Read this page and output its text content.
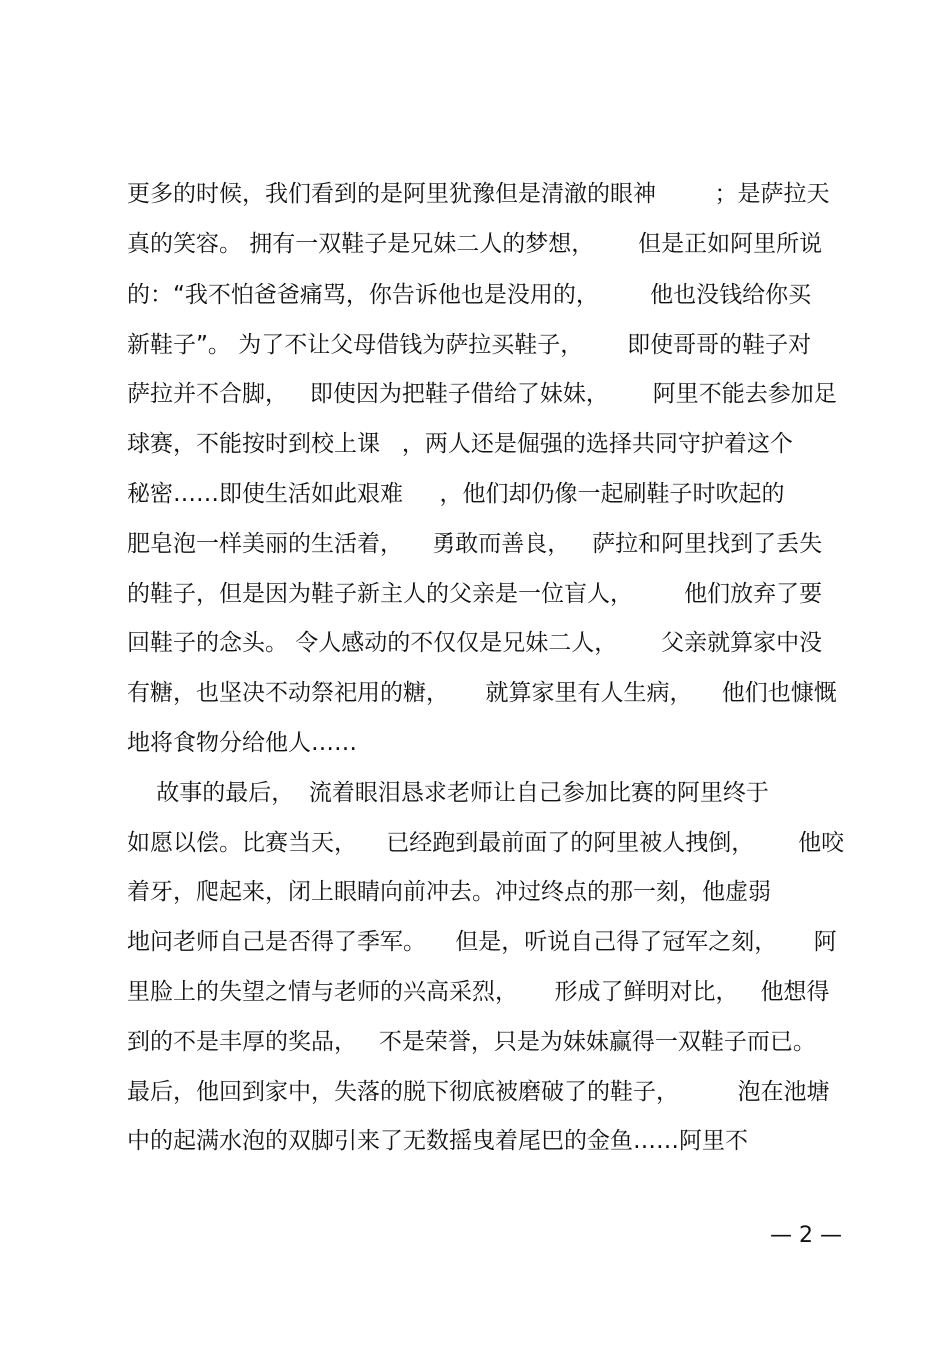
更多的时候，我们看到的是阿里犹豫但是清澈的眼神        ；是萨拉天
真的笑容。 拥有一双鞋子是兄妹二人的梦想，      但是正如阿里所说
的：“我不怕爸爸痛骂，你告诉他也是没用的，       他也没钱给你买
新鞋子”。 为了不让父母借钱为萨拉买鞋子，      即使哥哥的鞋子对
萨拉并不合脚，   即使因为把鞋子借给了妹妹，      阿里不能去参加足
球赛，不能按时到校上课   ，两人还是倔强的选择共同守护着这个
秘密……即使生活如此艰难     ，他们却仍像一起刷鞋子时吹起的
肥皂泡一样美丽的生活着，    勇敢而善良，   萨拉和阿里找到了丢失
的鞋子，但是因为鞋子新主人的父亲是一位盲人，       他们放弃了要
回鞋子的念头。 令人感动的不仅仅是兄妹二人，      父亲就算家中没
有糖，也坚决不动祭祀用的糖，     就算家里有人生病，    他们也慷慨
地将食物分给他人……
故事的最后，  流着眼泪恳求老师让自己参加比赛的阿里终于
如愿以偿。比赛当天，    已经跑到最前面了的阿里被人拽倒，      他咬
着牙，爬起来，闭上眼睛向前冲去。冲过终点的那一刻，他虚弱
地问老师自己是否得了季军。    但是，听说自己得了冠军之刻，     阿
里脸上的失望之情与老师的兴高采烈，     形成了鲜明对比，   他想得
到的不是丰厚的奖品，   不是荣誉，只是为妹妹赢得一双鞋子而已。
最后，他回到家中，失落的脱下彻底被磨破了的鞋子，        泡在池塘
中的起满水泡的双脚引来了无数摇曳着尾巴的金鱼……阿里不
— 2 —
